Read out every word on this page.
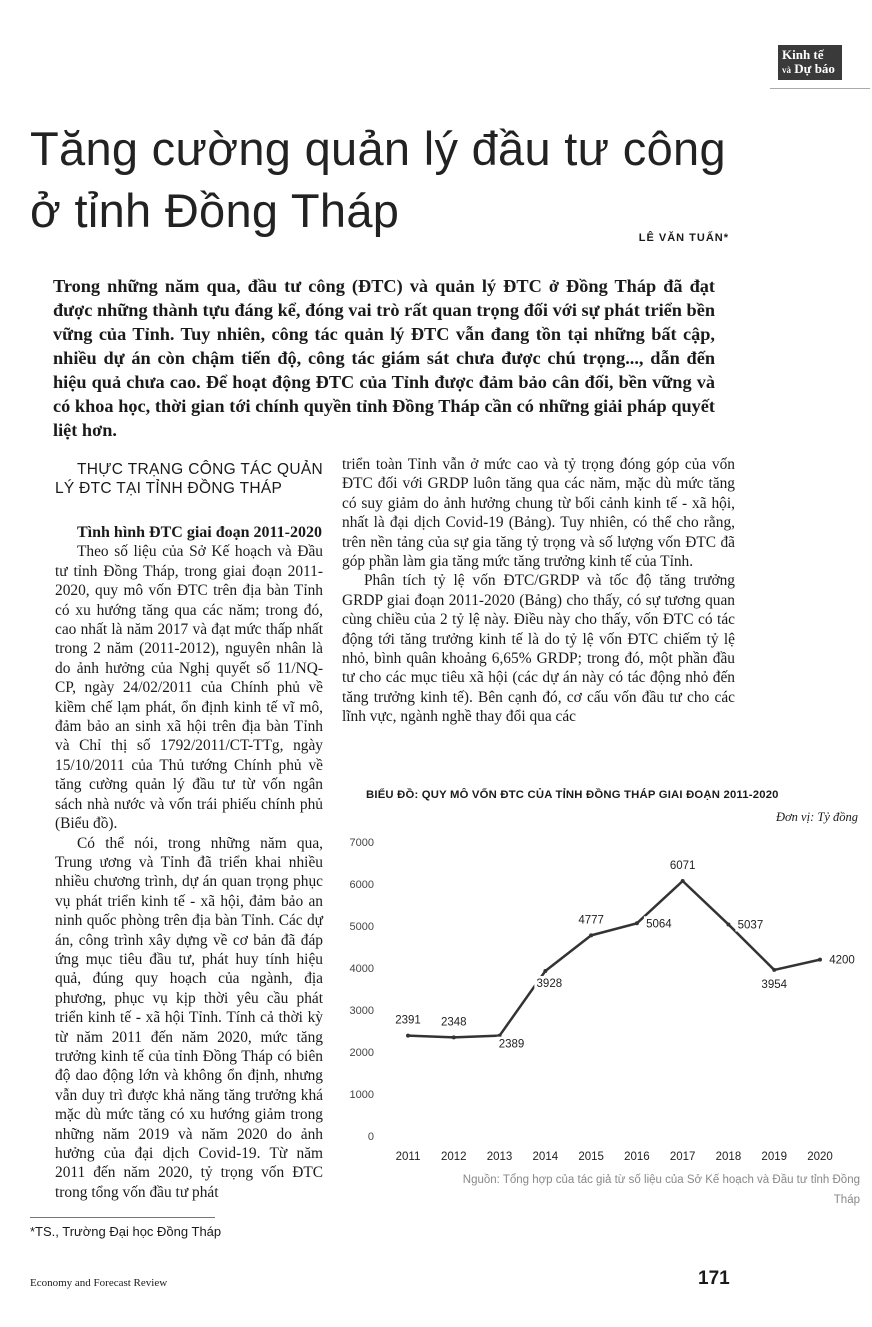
Kinh tế
và Dự báo
Tăng cường quản lý đầu tư công
ở tỉnh Đồng Tháp
LÊ VĂN TUẤN*
Trong những năm qua, đầu tư công (ĐTC) và quản lý ĐTC ở Đồng Tháp đã đạt được những thành tựu đáng kể, đóng vai trò rất quan trọng đối với sự phát triển bền vững của Tỉnh. Tuy nhiên, công tác quản lý ĐTC vẫn đang tồn tại những bất cập, nhiều dự án còn chậm tiến độ, công tác giám sát chưa được chú trọng..., dẫn đến hiệu quả chưa cao. Để hoạt động ĐTC của Tỉnh được đảm bảo cân đối, bền vững và có khoa học, thời gian tới chính quyền tỉnh Đồng Tháp cần có những giải pháp quyết liệt hơn.
THỰC TRẠNG CÔNG TÁC QUẢN LÝ ĐTC TẠI TỈNH ĐỒNG THÁP

Tình hình ĐTC giai đoạn 2011-2020

Theo số liệu của Sở Kế hoạch và Đầu tư tỉnh Đồng Tháp, trong giai đoạn 2011-2020, quy mô vốn ĐTC trên địa bàn Tỉnh có xu hướng tăng qua các năm; trong đó, cao nhất là năm 2017 và đạt mức thấp nhất trong 2 năm (2011-2012), nguyên nhân là do ảnh hưởng của Nghị quyết số 11/NQ-CP, ngày 24/02/2011 của Chính phủ về kiềm chế lạm phát, ổn định kinh tế vĩ mô, đảm bảo an sinh xã hội trên địa bàn Tỉnh và Chỉ thị số 1792/2011/CT-TTg, ngày 15/10/2011 của Thủ tướng Chính phủ về tăng cường quản lý đầu tư từ vốn ngân sách nhà nước và vốn trái phiếu chính phủ (Biểu đồ).

Có thể nói, trong những năm qua, Trung ương và Tỉnh đã triển khai nhiều nhiều chương trình, dự án quan trọng phục vụ phát triển kinh tế - xã hội, đảm bảo an ninh quốc phòng trên địa bàn Tỉnh. Các dự án, công trình xây dựng về cơ bản đã đáp ứng mục tiêu đầu tư, phát huy tính hiệu quả, đúng quy hoạch của ngành, địa phương, phục vụ kịp thời yêu cầu phát triển kinh tế - xã hội Tỉnh. Tính cả thời kỳ từ năm 2011 đến năm 2020, mức tăng trưởng kinh tế của tỉnh Đồng Tháp có biên độ dao động lớn và không ổn định, nhưng vẫn duy trì được khả năng tăng trưởng khá mặc dù mức tăng có xu hướng giảm trong những năm 2019 và năm 2020 do ảnh hưởng của đại dịch Covid-19. Từ năm 2011 đến năm 2020, tỷ trọng vốn ĐTC trong tổng vốn đầu tư phát

triển toàn Tỉnh vẫn ở mức cao và tỷ trọng đóng góp của vốn ĐTC đối với GRDP luôn tăng qua các năm, mặc dù mức tăng có suy giảm do ảnh hưởng chung từ bối cảnh kinh tế - xã hội, nhất là đại dịch Covid-19 (Bảng). Tuy nhiên, có thể cho rằng, trên nền tảng của sự gia tăng tỷ trọng và số lượng vốn ĐTC đã góp phần làm gia tăng mức tăng trưởng kinh tế của Tỉnh.

Phân tích tỷ lệ vốn ĐTC/GRDP và tốc độ tăng trưởng GRDP giai đoạn 2011-2020 (Bảng) cho thấy, có sự tương quan cùng chiều của 2 tỷ lệ này. Điều này cho thấy, vốn ĐTC có tác động tới tăng trưởng kinh tế là do tỷ lệ vốn ĐTC chiếm tỷ lệ nhỏ, bình quân khoảng 6,65% GRDP; trong đó, một phần đầu tư cho các mục tiêu xã hội (các dự án này có tác động nhỏ đến tăng trưởng kinh tế). Bên cạnh đó, cơ cấu vốn đầu tư cho các lĩnh vực, ngành nghề thay đổi qua các

BIỂU ĐỒ: QUY MÔ VỐN ĐTC CỦA TỈNH ĐỒNG THÁP GIAI ĐOẠN 2011-2020
Đơn vị: Tỷ đồng
0
1000
2000
3000
4000
5000
6000
7000
2011 2012 2013 2014 2015 2016 2017 2018 2019 2020
2391 2348
2389
3928
4777	5064
6071
5037
3954
4200
Nguồn: Tổng hợp của tác giả từ số liệu của Sở Kế hoạch và Đầu tư tỉnh Đồng Tháp
*TS., Trường Đại học Đồng Tháp
Economy and Forecast Review	171
